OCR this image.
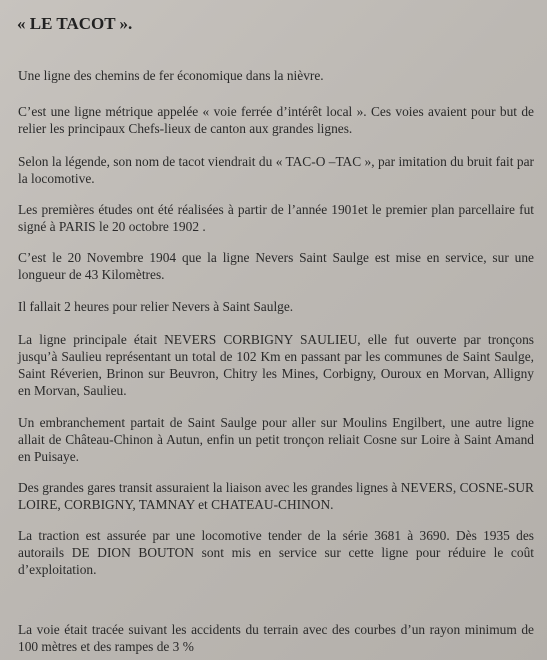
« LE TACOT ».

Une ligne des chemins de fer économique dans la nièvre.

C’est une ligne métrique appelée « voie ferrée d’intérêt local ». Ces voies avaient pour but de relier les principaux Chefs-lieux de canton aux grandes lignes.

Selon la légende, son nom de tacot viendrait du « TAC-O –TAC », par imitation du bruit fait par la locomotive.

Les premières études ont été réalisées à partir de l’année 1901et le premier plan parcellaire fut signé à PARIS le 20 octobre 1902 .

C’est le 20 Novembre 1904 que la ligne Nevers Saint Saulge est mise en service, sur une longueur de 43 Kilomètres.

Il fallait 2 heures pour relier Nevers à Saint Saulge.

La ligne principale était NEVERS CORBIGNY SAULIEU, elle fut ouverte par tronçons jusqu’à Saulieu représentant un total de 102 Km en passant par les communes de Saint Saulge, Saint Réverien, Brinon sur Beuvron, Chitry les Mines, Corbigny, Ouroux en Morvan, Alligny en Morvan, Saulieu.

Un embranchement partait de Saint Saulge pour aller sur Moulins Engilbert, une autre ligne allait de Château-Chinon à Autun, enfin un petit tronçon reliait Cosne sur Loire à Saint Amand en Puisaye.

Des grandes gares transit assuraient la liaison avec les grandes lignes à NEVERS, COSNE-SUR LOIRE, CORBIGNY, TAMNAY et CHATEAU-CHINON.

La traction est assurée par une locomotive tender de la série 3681 à 3690. Dès 1935 des autorails DE DION BOUTON sont mis en service sur cette ligne pour réduire le coût d’exploitation.

La voie était tracée suivant les accidents du terrain avec des courbes d’un rayon minimum de 100 mètres et des rampes de 3 %
